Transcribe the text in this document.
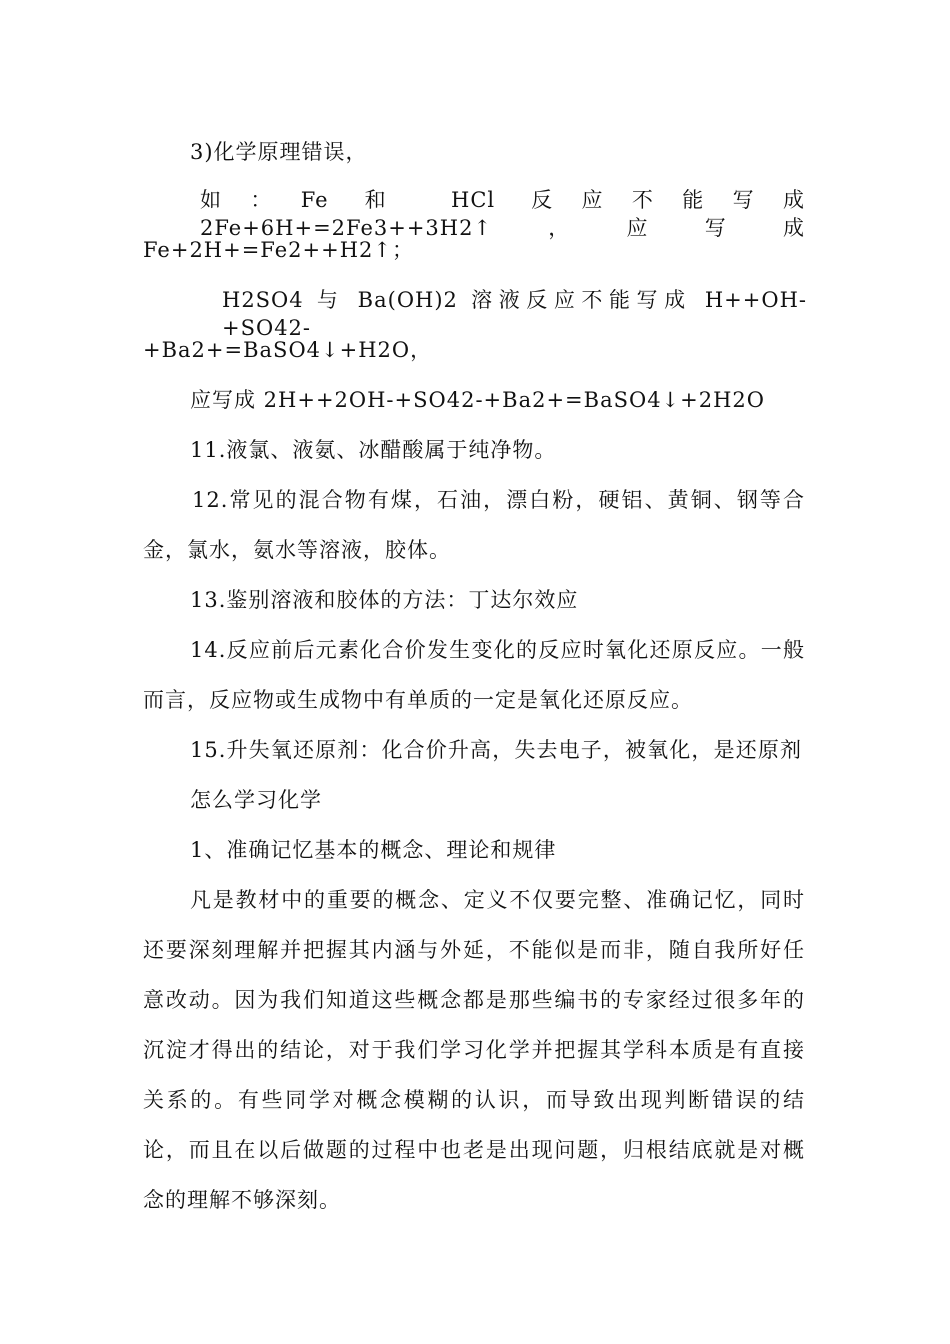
3)化学原理错误，
如：Fe 和 HCl 反应不能写成 2Fe+6H+=2Fe3++3H2↑，应写成
Fe+2H+=Fe2++H2↑；
H2SO4 与 Ba(OH)2 溶液反应不能写成 H++OH-+SO42-
+Ba2+=BaSO4↓+H2O，
应写成 2H++2OH-+SO42-+Ba2+=BaSO4↓+2H2O
11.液氯、液氨、冰醋酸属于纯净物。
12.常见的混合物有煤，石油，漂白粉，硬铝、黄铜、钢等合
金，氯水，氨水等溶液，胶体。
13.鉴别溶液和胶体的方法：丁达尔效应
14.反应前后元素化合价发生变化的反应时氧化还原反应。一般
而言，反应物或生成物中有单质的一定是氧化还原反应。
15.升失氧还原剂：化合价升高，失去电子，被氧化，是还原剂
怎么学习化学
1、准确记忆基本的概念、理论和规律
凡是教材中的重要的概念、定义不仅要完整、准确记忆，同时
还要深刻理解并把握其内涵与外延，不能似是而非，随自我所好任
意改动。因为我们知道这些概念都是那些编书的专家经过很多年的
沉淀才得出的结论，对于我们学习化学并把握其学科本质是有直接
关系的。有些同学对概念模糊的认识，而导致出现判断错误的结
论，而且在以后做题的过程中也老是出现问题，归根结底就是对概
念的理解不够深刻。
